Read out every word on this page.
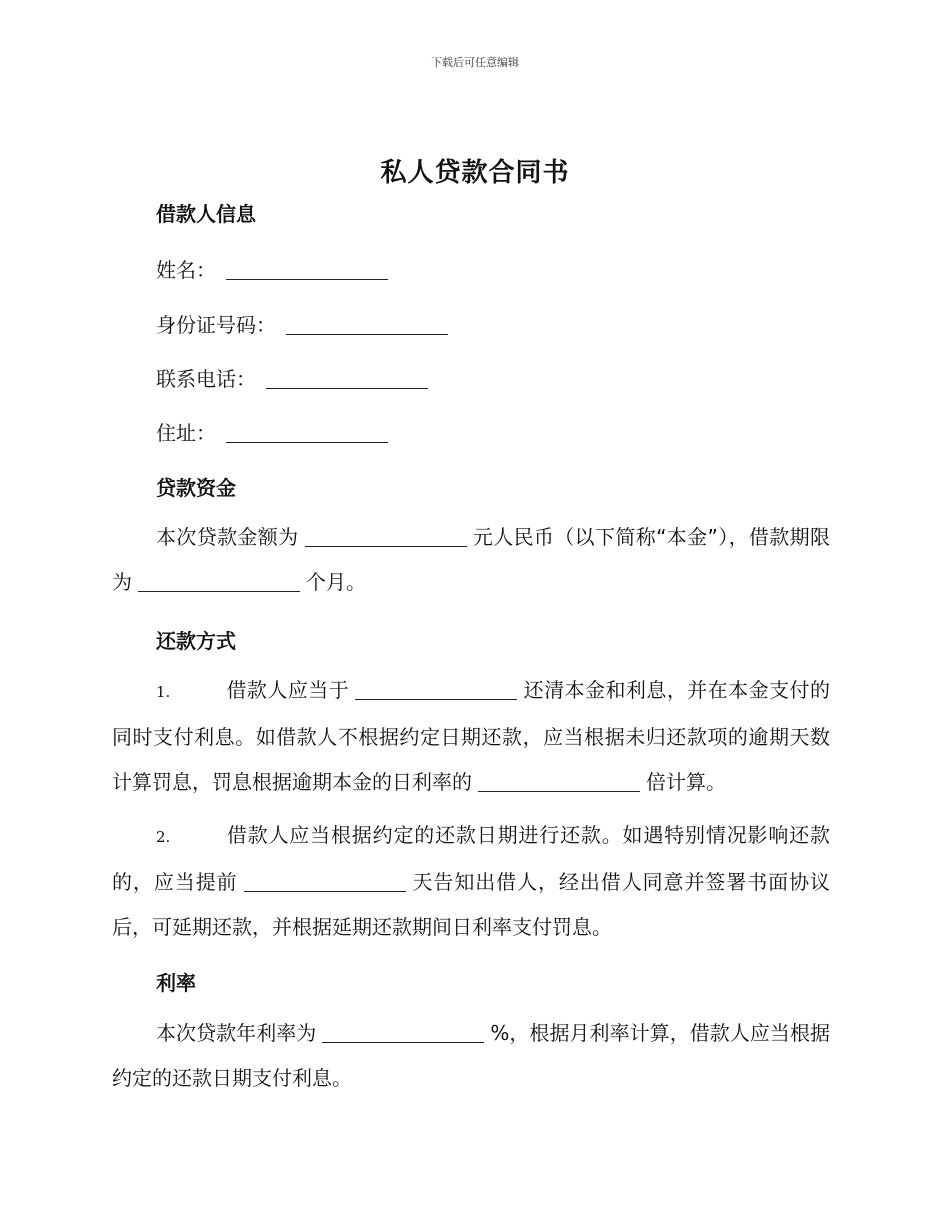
下载后可任意编辑
私人贷款合同书
借款人信息
姓名：
身份证号码：
联系电话：
住址：
贷款资金
本次贷款金额为	元人民币（以下简称“本金”），借款期限为	个月。
还款方式
1.	借款人应当于	还清本金和利息，并在本金支付的同时支付利息。如借款人不根据约定日期还款，应当根据未归还款项的逾期天数计算罚息，罚息根据逾期本金的日利率的	倍计算。
2.	借款人应当根据约定的还款日期进行还款。如遇特别情况影响还款的，应当提前	天告知出借人，经出借人同意并签署书面协议后，可延期还款，并根据延期还款期间日利率支付罚息。
利率
本次贷款年利率为	%，根据月利率计算，借款人应当根据约定的还款日期支付利息。
